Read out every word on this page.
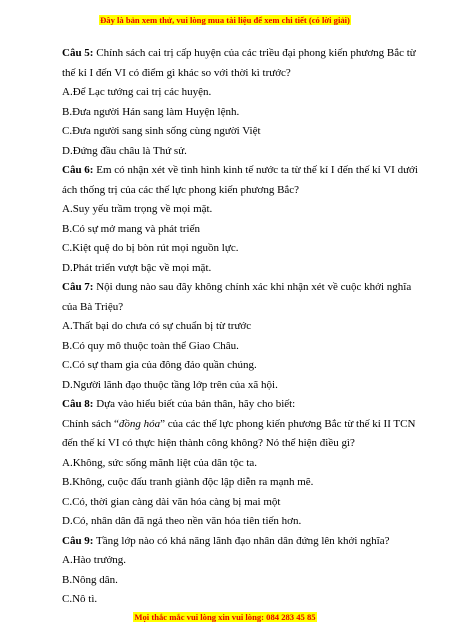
Đây là bản xem thử, vui lòng mua tài liệu để xem chi tiết (có lời giải)
Câu 5: Chính sách cai trị cấp huyện của các triều đại phong kiến phương Bắc từ
thế kỉ I đến VI có điểm gì khác so với thời kì trước?
A.Để Lạc tướng cai trị các huyện.
B.Đưa người Hán sang làm Huyện lệnh.
C.Đưa người sang sinh sống cùng người Việt
D.Đứng đầu châu là Thứ sử.
Câu 6: Em có nhận xét về tình hình kinh tế nước ta từ thế kỉ I đến thế kỉ VI dưới
ách thống trị của các thế lực phong kiến phương Bắc?
A.Suy yếu trầm trọng về mọi mặt.
B.Có sự mở mang và phát triển
C.Kiệt quệ do bị bòn rút mọi nguồn lực.
D.Phát triển vượt bậc về mọi mặt.
Câu 7: Nội dung nào sau đây không chính xác khi nhận xét về cuộc khởi nghĩa
của Bà Triệu?
A.Thất bại do chưa có sự chuẩn bị từ trước
B.Có quy mô thuộc toàn thể Giao Châu.
C.Có sự tham gia của đông đảo quần chúng.
D.Người lãnh đạo thuộc tầng lớp trên của xã hội.
Câu 8: Dựa vào hiểu biết của bản thân, hãy cho biết:
Chính sách “đồng hóa” của các thế lực phong kiến phương Bắc từ thế kỉ II TCN
đến thế kỉ VI có thực hiện thành công không? Nó thể hiện điều gì?
A.Không, sức sống mãnh liệt của dân tộc ta.
B.Không, cuộc đấu tranh giành độc lập diễn ra mạnh mẽ.
C.Có, thời gian càng dài văn hóa càng bị mai một
D.Có, nhân dân đã ngả theo nền văn hóa tiên tiến hơn.
Câu 9: Tầng lớp nào có khả năng lãnh đạo nhân dân đứng lên khởi nghĩa?
A.Hào trưởng.
B.Nông dân.
C.Nô tì.
Mọi thắc mắc vui lòng xin vui lòng: 084 283 45 85
